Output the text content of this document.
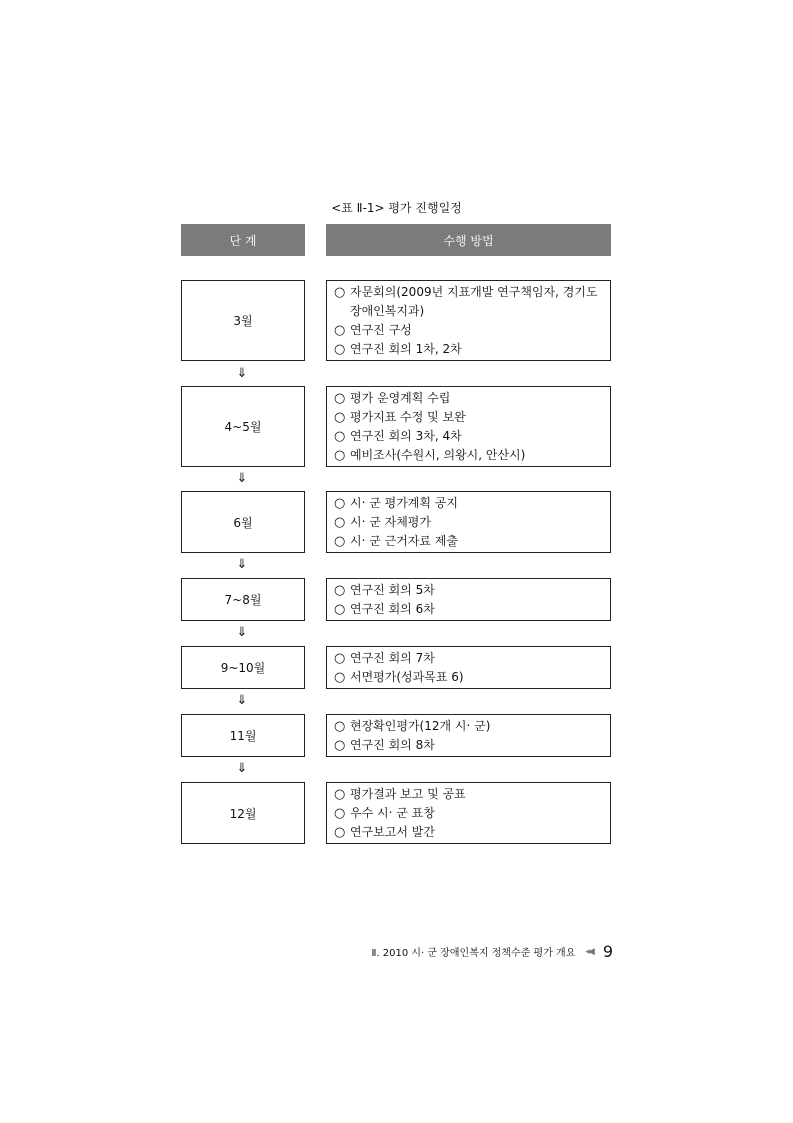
<표 Ⅱ-1> 평가 진행일정
단 계	수행 방법
3월
○ 자문회의(2009년 지표개발 연구책임자, 경기도 장애인복지과)
○ 연구진 구성
○ 연구진 회의 1차, 2차
⇓
4~5월
○ 평가 운영계획 수립
○ 평가지표 수정 및 보완
○ 연구진 회의 3차, 4차
○ 예비조사(수원시, 의왕시, 안산시)
⇓
6월
○ 시‧ 군 평가계획 공지
○ 시‧ 군 자체평가
○ 시‧ 군 근거자료 제출
⇓
7~8월
○ 연구진 회의 5차
○ 연구진 회의 6차
⇓
9~10월
○ 연구진 회의 7차
○ 서면평가(성과목표 6)
⇓
11월
○ 현장확인평가(12개 시‧ 군)
○ 연구진 회의 8차
⇓
12월
○ 평가결과 보고 및 공표
○ 우수 시‧ 군 표창
○ 연구보고서 발간
Ⅱ. 2010 시‧ 군 장애인복지 정책수준 평가 개요 ◂◀ 9
